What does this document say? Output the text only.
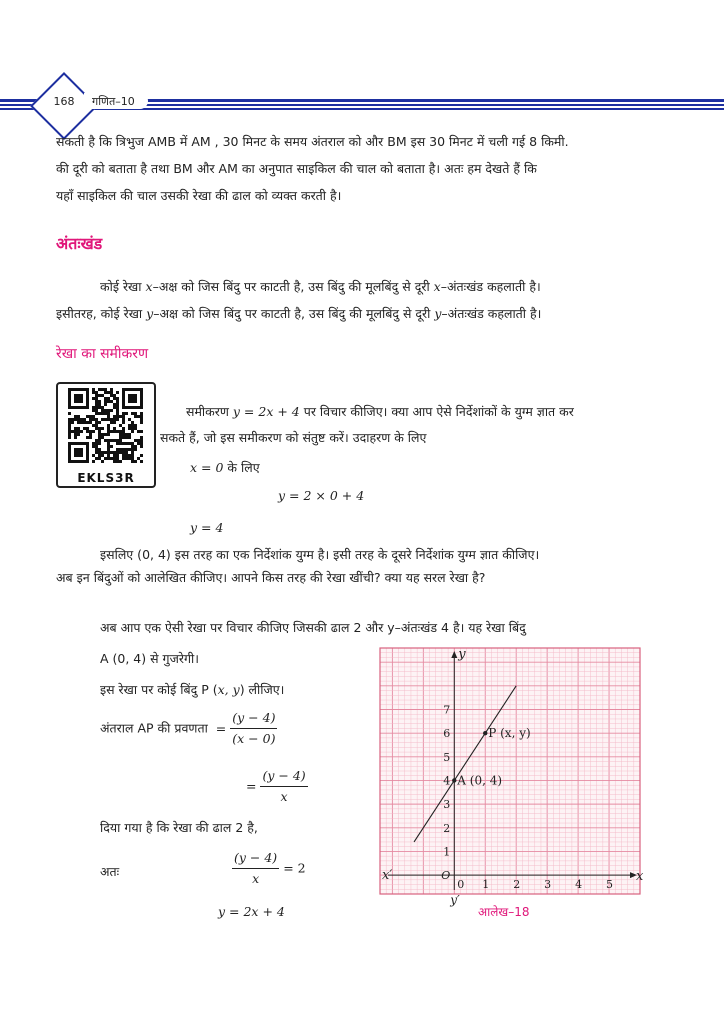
168	गणित–10
सकती है कि त्रिभुज AMB में AM , 30 मिनट के समय अंतराल को और BM इस 30 मिनट में चली गई 8 किमी.
की दूरी को बताता है तथा BM और AM का अनुपात साइकिल की चाल को बताता है। अतः हम देखते हैं कि
यहाँ साइकिल की चाल उसकी रेखा की ढाल को व्यक्त करती है।
अंतःखंड
कोई रेखा x–अक्ष को जिस बिंदु पर काटती है, उस बिंदु की मूलबिंदु से दूरी x–अंतःखंड कहलाती है।
इसीतरह, कोई रेखा y–अक्ष को जिस बिंदु पर काटती है, उस बिंदु की मूलबिंदु से दूरी y–अंतःखंड कहलाती है।
रेखा का समीकरण
EKLS3R
समीकरण y = 2x + 4 पर विचार कीजिए। क्या आप ऐसे निर्देशांकों के युग्म ज्ञात कर
सकते हैं, जो इस समीकरण को संतुष्ट करें। उदाहरण के लिए
x = 0 के लिए
y = 2 × 0 + 4
y = 4
इसलिए (0, 4) इस तरह का एक निर्देशांक युग्म है। इसी तरह के दूसरे निर्देशांक युग्म ज्ञात कीजिए।
अब इन बिंदुओं को आलेखित कीजिए। आपने किस तरह की रेखा खींची? क्या यह सरल रेखा है?
अब आप एक ऐसी रेखा पर विचार कीजिए जिसकी ढाल 2 और y–अंतःखंड 4 है। यह रेखा बिंदु
A (0, 4) से गुजरेगी।
इस रेखा पर कोई बिंदु P (x, y) लीजिए।
अंतराल AP की प्रवणता = $\frac{(y - 4)}{(x - 0)}$
= $\frac{(y - 4)}{x}$
दिया गया है कि रेखा की ढाल 2 है,
अतः	$\frac{(y - 4)}{x} = 2$
y = 2x + 4
0 1 2 3 4 5
1
2
3
4
5
6
7
A (0, 4)
P (x, y)
x
x′
y
y′
O
आलेख–18
